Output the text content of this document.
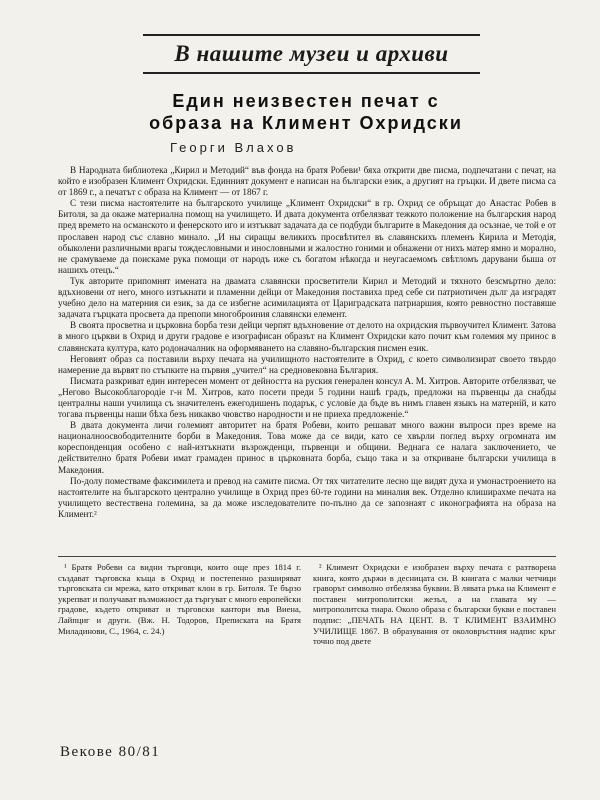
В нашите музеи и архиви
Един неизвестен печат с образа на Климент Охридски
Георги Влахов

В Народната библиотека „Кирил и Методий“ във фонда на братя Робеви¹ бяха открити две писма, подпечатани с печат, на който е изобразен Климент Охридски. Единният документ е написан на български език, а другият на гръцки. И двете писма са от 1869 г., а печатът с образа на Климент — от 1867 г.

С тези писма настоятелите на българското училище „Климент Охридски“ в гр. Охрид се обръщат до Анастас Робев в Битоля, за да окаже материална помощ на училището. И двата документа отбелязват тежкото положение на българския народ пред времето на османското и фенерското иго и изтъкват задачата да се подбуди българите в Македония да осъзнае, че той е от прославен народ със славно минало. „И ны сиращы великихъ просвѣтител въ славянскихъ племенъ Кирила и Методія, обыколени различными врагы тождесловными и инословными и жалостно гоними и обнажени от нихъ матер ямно и морално, не срамуваеме да поискаме рука помощи от народъ иже съ богатом нѣкогда и неугасаемомъ свѣтломъ дарувани быша от нашихъ отецъ.“

Тук авторите припомнят имената на двамата славянски просветители Кирил и Методий и тяхното безсмъртно дело: вдъхновени от него, много изтъкнати и пламенни дейци от Македония поставиха пред себе си патриотичен дълг да изградят учебно дело на матерния си език, за да се избегне асимилацията от Цариградската патриаршия, която ревностно поставяше задачата гърцката просвета да препопи многоброиния славянски елемент.

В своята просветна и църковна борба тези дейци черпят вдъхновение от делото на охридския първоучител Климент. Затова в много църкви в Охрид и други градове е изографисан образът на Климент Охридски като почит към големия му принос в славянската култура, като родоначалник на оформяването на славяно-българския писмен език.

Неговият образ са поставили върху печата на училищното настоятелите в Охрид, с което символизират своето твърдо намерение да вървят по стъпките на първия „учител“ на средновековна България.

Писмата разкриват един интересен момент от дейността на руския генерален консул А. М. Хитров. Авторите отбелязват, че „Негово Высокоблагородіе г-н М. Хитров, като посети преди 5 години нашѣ градъ, предложи на първенцы да снабды централны наши училища съ значителенъ ежегодишенъ подарък, с условіе да бъде въ нимъ главен языкъ на матернiй, и като тогава първенцы наши бѣха безъ никакво чювство народности и не приеха предложеніе.“

В двата документа личи големият авторитет на братя Робеви, които решават много важни въпроси през време на националноосвободителните борби в Македония. Това може да се види, като се хвърли поглед върху огромната им кореспонденция особено с най-изтъкнати възрожденци, първенци и общини. Веднага се налага заключението, че действително братя Робеви имат грамаден принос в църковната борба, също така и за откриване български училища в Македония.

По-долу поместваме факсимилета и превод на самите писма. От тях читателите лесно ще видят духа и умонастроението на настоятелите на българското централно училище в Охрид през 60-те години на миналия век. Отделно клиширахме печата на училището вестествена големина, за да може изследователите по-пълно да се запознаят с иконографията на образа на Климент.²

¹ Братя Робеви са видни търговци, които още през 1814 г. създават търговска къща в Охрид и постепенно разширяват търговската си мрежа, като откриват клон в гр. Битоля. Те бързо укрепват и получават възможност да търгуват с много европейски градове, където откриват и търговски кантори във Виена, Лайпциг и други. (Вж. Н. Тодоров, Преписката на Братя Миладинови, С., 1964, с. 24.)

² Климент Охридски е изобразен върху печата с разтворена книга, която държи в десницата си. В книгата с малки четчици граворът символно отбелязва буквии. В лявата ръка на Климент е поставен митрополитски жезъл, а на главата му — митрополитска тиара. Около образа с български букви е поставен подпис: „ПЕЧАТЬ НА ЦЕНТ. В. Т КЛИМЕНТ ВЗАИМНО УЧИЛИЩЕ 1867. В образувания от околовръстния надпис кръг точно под двете

Векове 80/81
